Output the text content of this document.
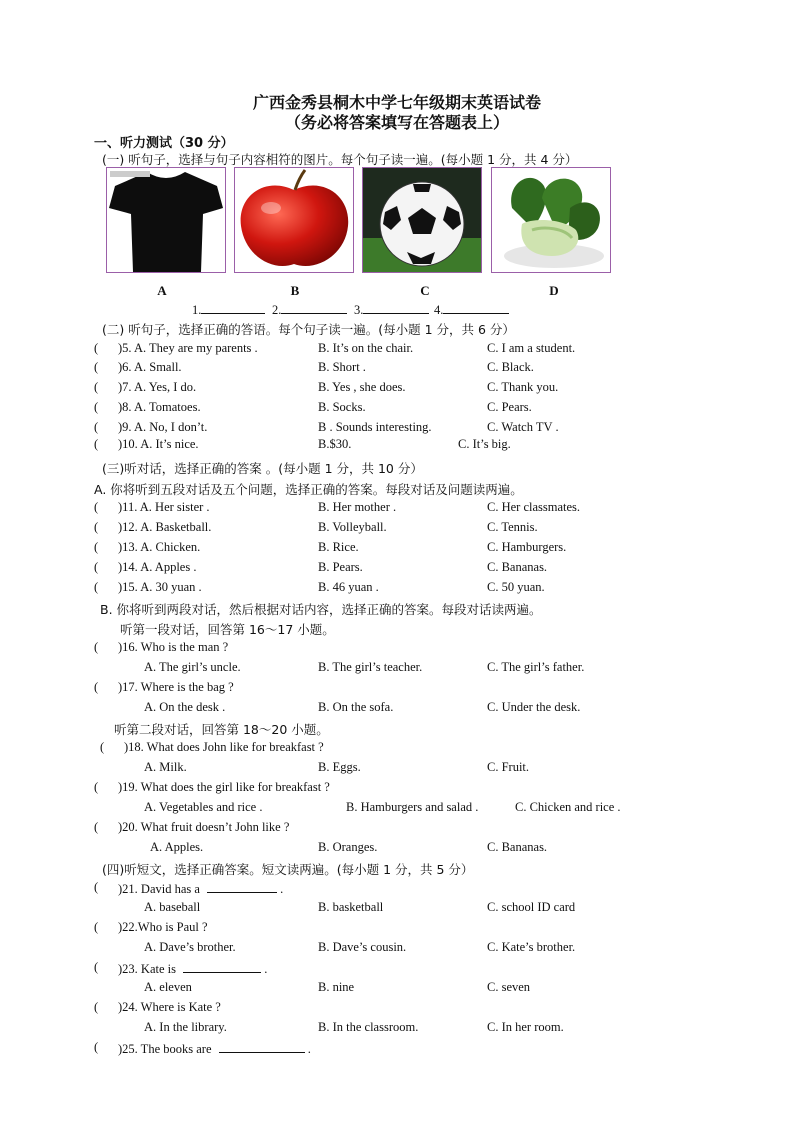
广西金秀县桐木中学七年级期末英语试卷
（务必将答案填写在答题表上）
一、听力测试（30 分）
(一) 听句子，选择与句子内容相符的图片。每个句子读一遍。(每小题 1 分，共 4 分）
A	B	C	D
1.	2.	3.	4.
(二) 听句子，选择正确的答语。每个句子读一遍。(每小题 1 分，共 6 分）
( )5. A. They are my parents .	B. It’s on the chair.	C. I am a student.
( )6. A. Small.	B. Short .	C. Black.
( )7. A. Yes, I do.	B. Yes , she does.	C. Thank you.
( )8. A. Tomatoes.	B. Socks.	C. Pears.
( )9. A. No, I don’t.	B . Sounds interesting.	C. Watch TV .
( )10. A. It’s nice.	B.$30.	C. It’s big.
(三)听对话，选择正确的答案 。(每小题 1 分，共 10 分）
A. 你将听到五段对话及五个问题，选择正确的答案。每段对话及问题读两遍。
( )11. A. Her sister .	B. Her mother .	C. Her classmates.
( )12. A. Basketball.	B. Volleyball.	C. Tennis.
( )13. A. Chicken.	B. Rice.	C. Hamburgers.
( )14. A. Apples .	B. Pears.	C. Bananas.
( )15. A. 30 yuan .	B. 46 yuan .	C. 50 yuan.
B. 你将听到两段对话，然后根据对话内容，选择正确的答案。每段对话读两遍。
听第一段对话，回答第 16～17 小题。
( )16. Who is the man ?
A. The girl’s uncle.	B. The girl’s teacher.	C. The girl’s father.
( )17. Where is the bag ?
A. On the desk .	B. On the sofa.	C. Under the desk.
听第二段对话，回答第 18～20 小题。
( )18. What does John like for breakfast ?
A. Milk.	B. Eggs.	C. Fruit.
( )19. What does the girl like for breakfast ?
A. Vegetables and rice .	B. Hamburgers and salad .	C. Chicken and rice .
( )20. What fruit doesn’t John like ?
A. Apples.	B. Oranges.	C. Bananas.
(四)听短文，选择正确答案。短文读两遍。(每小题 1 分，共 5 分）
( )21. David has a	.
A. baseball	B. basketball	C. school ID card
( )22.Who is Paul ?
A. Dave’s brother.	B. Dave’s cousin.	C. Kate’s brother.
( )23. Kate is	.
A. eleven	B. nine	C. seven
( )24. Where is Kate ?
A. In the library.	B. In the classroom.	C. In her room.
( )25. The books are	.
